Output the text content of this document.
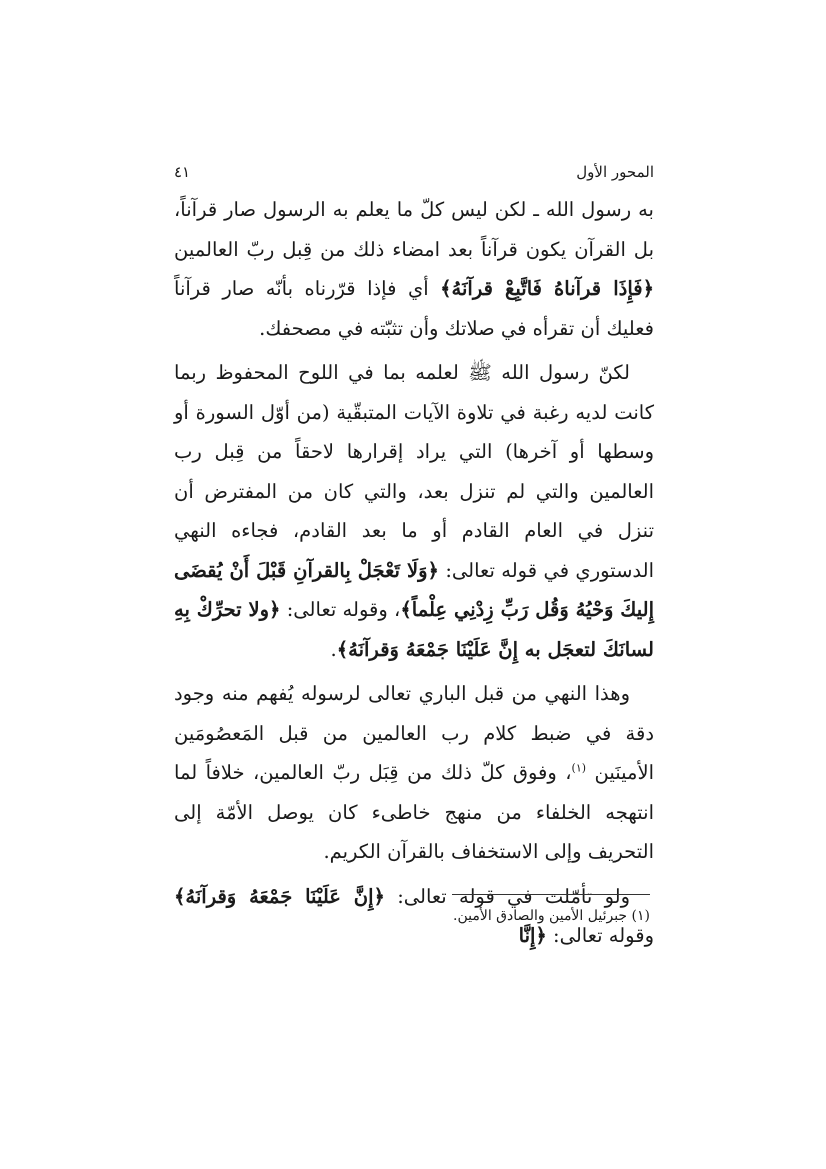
المحور الأول
٤١

به رسول الله ـ لكن ليس كلّ ما يعلم به الرسول صار قرآناً، بل القرآن يكون قرآناً بعد امضاء ذلك من قِبل ربّ العالمين ﴿فَإِذَا قرآناهُ فَاتَّبِعْ قرآنَهُ﴾ أي فإذا قرّرناه بأنّه صار قرآناً فعليك أن تقرأه في صلاتك وأن تثبّته في مصحفك.

لكنّ رسول الله ﷺ لعلمه بما في اللوح المحفوظ ربما كانت لديه رغبة في تلاوة الآيات المتبقّية (من أوّل السورة أو وسطها أو آخرها) التي يراد إقرارها لاحقاً من قِبل رب العالمين والتي لم تنزل بعد، والتي كان من المفترض أن تنزل في العام القادم أو ما بعد القادم، فجاءه النهي الدستوري في قوله تعالى: ﴿وَلَا تَعْجَلْ بِالقرآنِ قَبْلَ أَنْ يُقضَى إِليكَ وَحْيُهُ وَقُل رَبِّ زِدْنِي عِلْماً﴾، وقوله تعالى: ﴿ولا تحرِّكْ بِهِ لسانَكَ لتعجَل به إِنَّ عَلَيْنَا جَمْعَهُ وَقرآنَهُ﴾.

وهذا النهي من قبل الباري تعالى لرسوله يُفهم منه وجود دقة في ضبط كلام رب العالمين من قبل المَعصُومَين الأمينَين $^{(١)}$، وفوق كلّ ذلك من قِبَل ربّ العالمين، خلافاً لما انتهجه الخلفاء من منهج خاطىء كان يوصل الأمّة إلى التحريف وإلى الاستخفاف بالقرآن الكريم.

ولو تأمّلت في قوله تعالى: ﴿إِنَّ عَلَيْنَا جَمْعَهُ وَقرآنَهُ﴾ وقوله تعالى: ﴿إِنَّا

(١) جبرئيل الأمين والصادق الأمين.
